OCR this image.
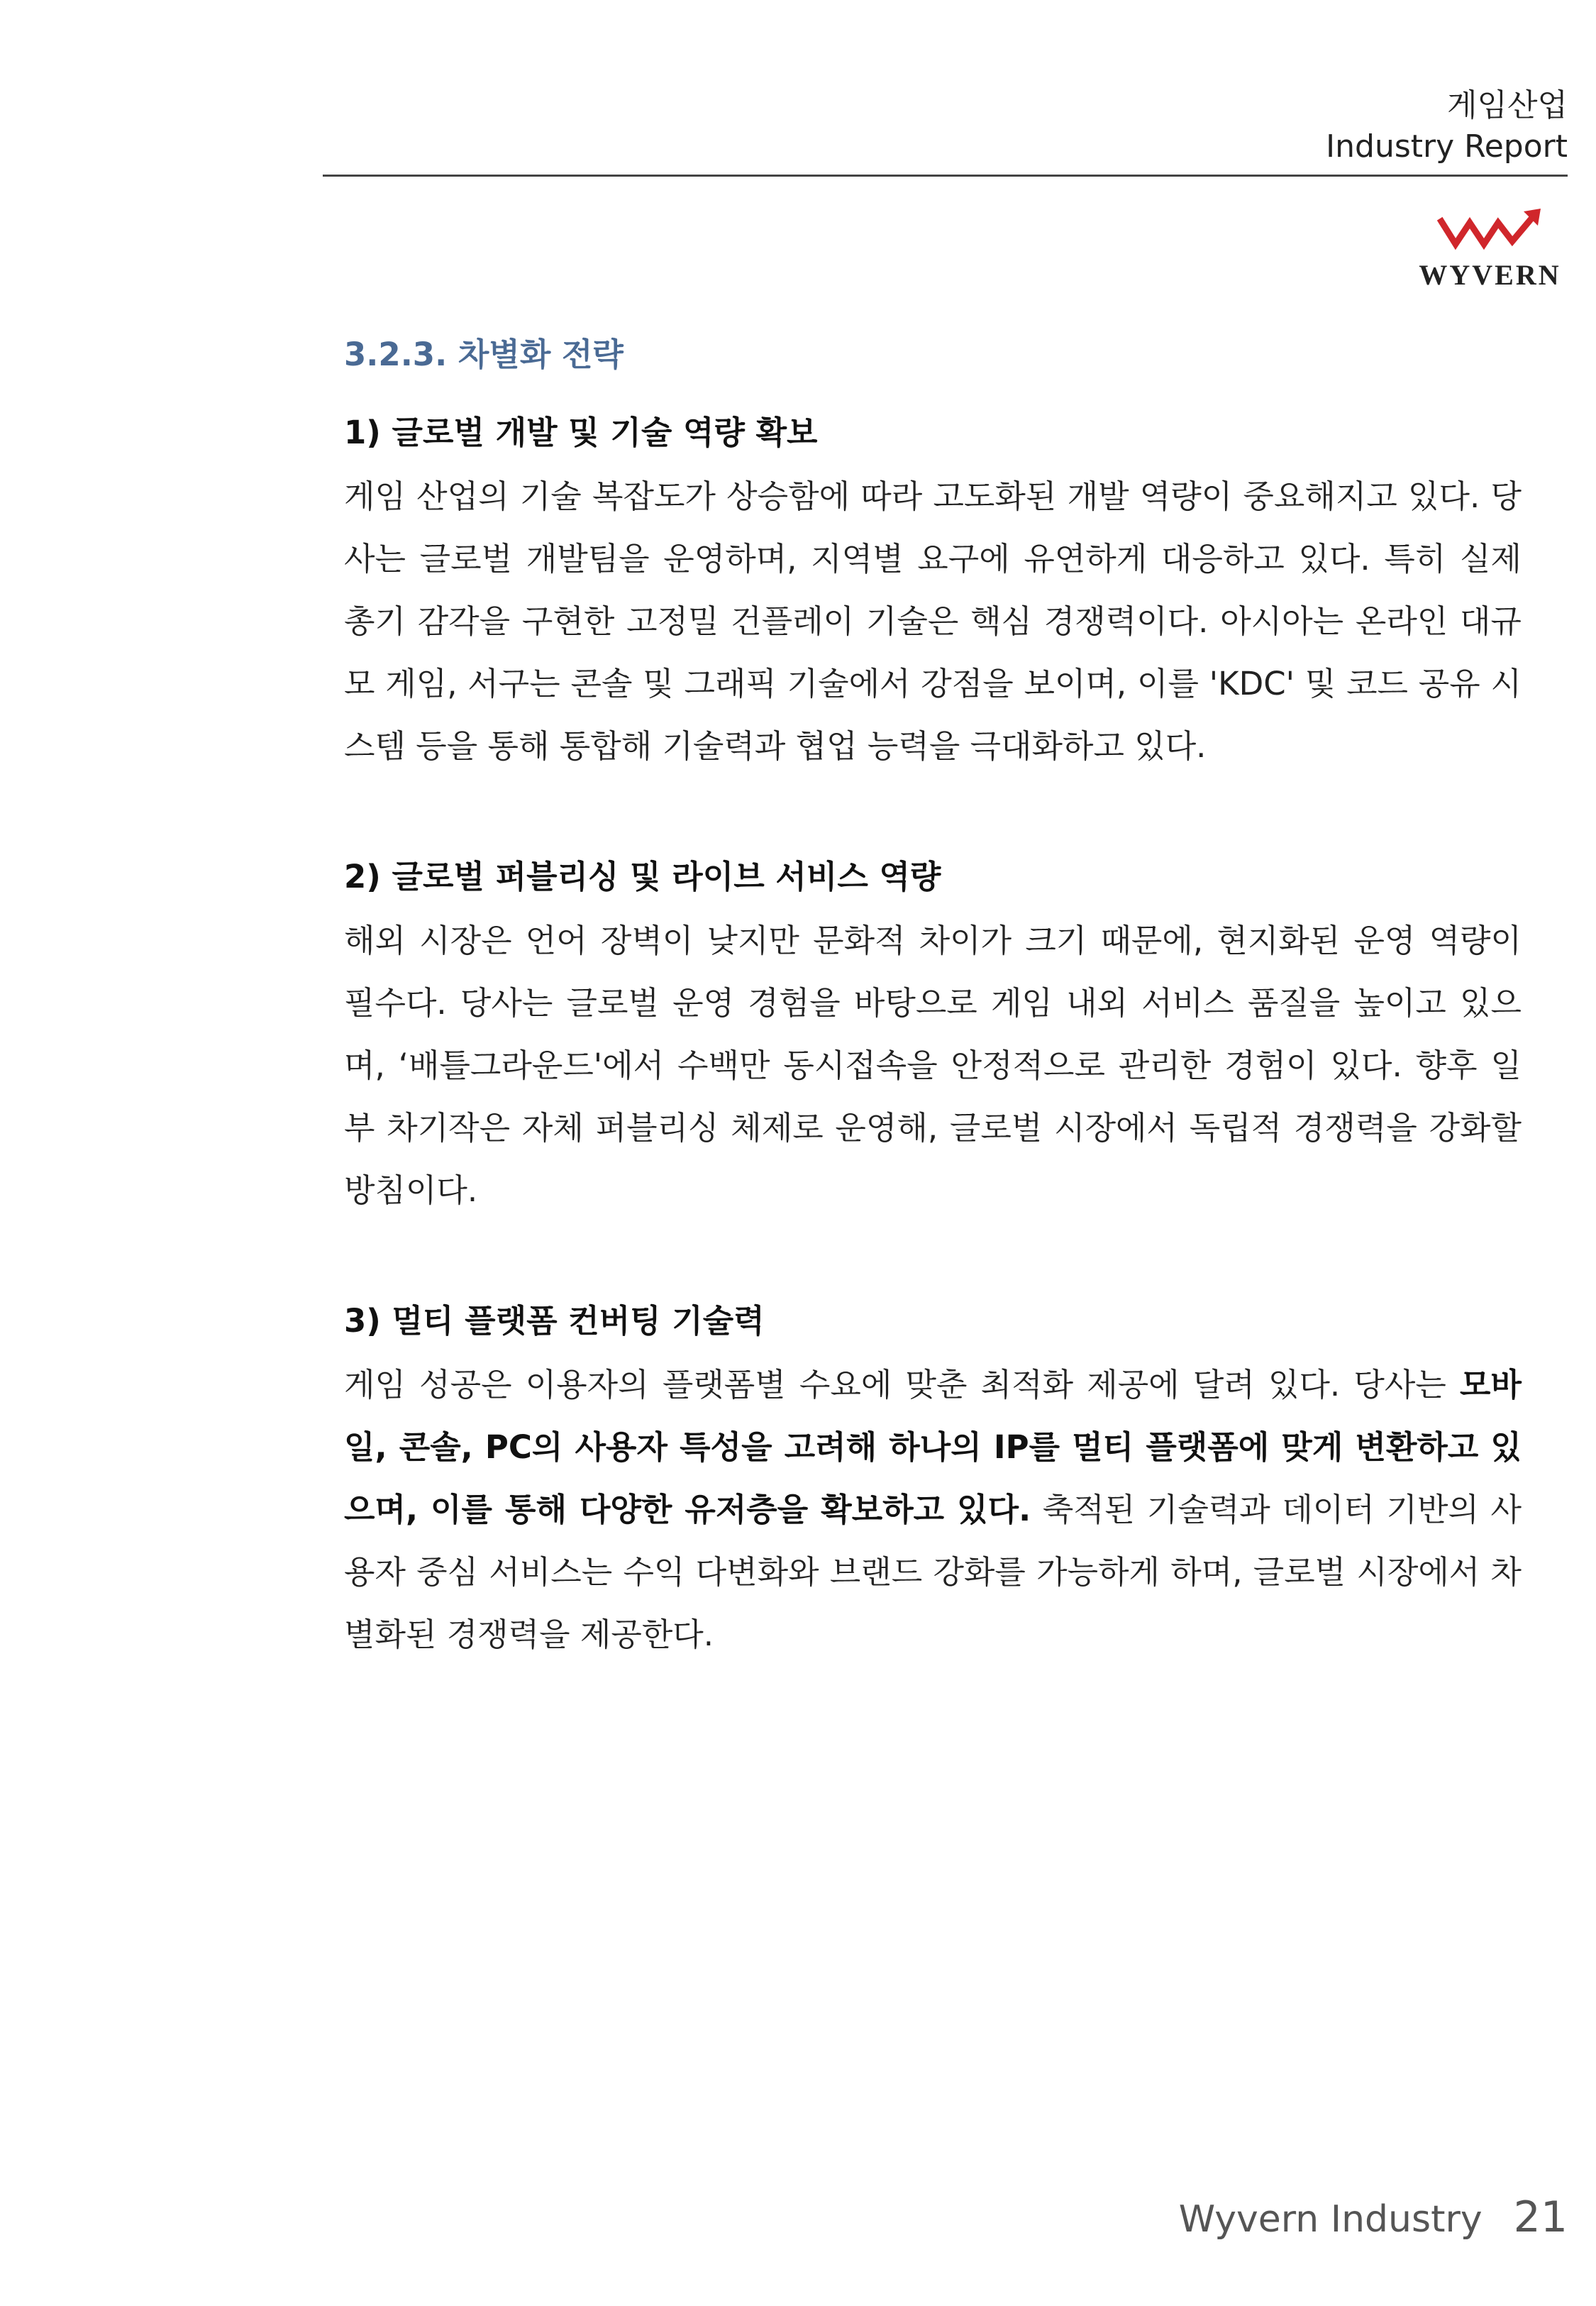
게임산업
Industry Report
WYVERN
3.2.3. 차별화 전략
1) 글로벌 개발 및 기술 역량 확보

게임 산업의 기술 복잡도가 상승함에 따라 고도화된 개발 역량이 중요해지고 있다. 당사는 글로벌 개발팀을 운영하며, 지역별 요구에 유연하게 대응하고 있다. 특히 실제 총기 감각을 구현한 고정밀 건플레이 기술은 핵심 경쟁력이다. 아시아는 온라인 대규모 게임, 서구는 콘솔 및 그래픽 기술에서 강점을 보이며, 이를 'KDC' 및 코드 공유 시스템 등을 통해 통합해 기술력과 협업 능력을 극대화하고 있다.

2) 글로벌 퍼블리싱 및 라이브 서비스 역량

해외 시장은 언어 장벽이 낮지만 문화적 차이가 크기 때문에, 현지화된 운영 역량이 필수다. 당사는 글로벌 운영 경험을 바탕으로 게임 내외 서비스 품질을 높이고 있으며, ‘배틀그라운드'에서 수백만 동시접속을 안정적으로 관리한 경험이 있다. 향후 일부 차기작은 자체 퍼블리싱 체제로 운영해, 글로벌 시장에서 독립적 경쟁력을 강화할 방침이다.

3) 멀티 플랫폼 컨버팅 기술력

게임 성공은 이용자의 플랫폼별 수요에 맞춘 최적화 제공에 달려 있다. 당사는 모바일, 콘솔, PC의 사용자 특성을 고려해 하나의 IP를 멀티 플랫폼에 맞게 변환하고 있으며, 이를 통해 다양한 유저층을 확보하고 있다. 축적된 기술력과 데이터 기반의 사용자 중심 서비스는 수익 다변화와 브랜드 강화를 가능하게 하며, 글로벌 시장에서 차별화된 경쟁력을 제공한다.

Wyvern Industry 21
